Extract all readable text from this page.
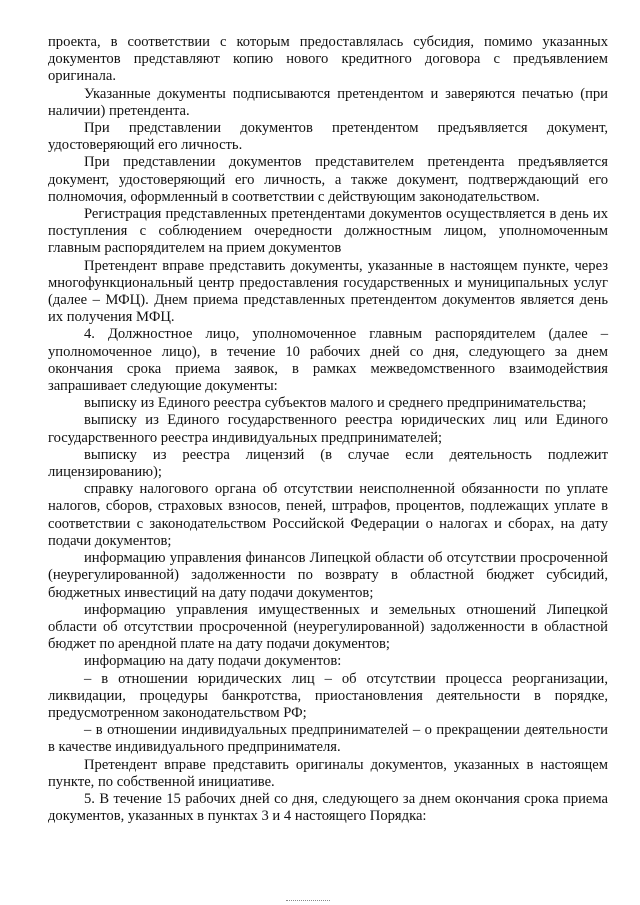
проекта, в соответствии с которым предоставлялась субсидия, помимо указанных документов представляют копию нового кредитного договора с предъявлением оригинала.

Указанные документы подписываются претендентом и заверяются печатью (при наличии) претендента.

При представлении документов претендентом предъявляется документ, удостоверяющий его личность.

При представлении документов представителем претендента предъявляется документ, удостоверяющий его личность, а также документ, подтверждающий его полномочия, оформленный в соответствии с действующим законодательством.

Регистрация представленных претендентами документов осуществляется в день их поступления с соблюдением очередности должностным лицом, уполномоченным главным распорядителем на прием документов

Претендент вправе представить документы, указанные в настоящем пункте, через многофункциональный центр предоставления государственных и муниципальных услуг (далее – МФЦ). Днем приема представленных претендентом документов является день их получения МФЦ.

4. Должностное лицо, уполномоченное главным распорядителем (далее – уполномоченное лицо), в течение 10 рабочих дней со дня, следующего за днем окончания срока приема заявок, в рамках межведомственного взаимодействия запрашивает следующие документы:

выписку из Единого реестра субъектов малого и среднего предпринимательства;

выписку из Единого государственного реестра юридических лиц или Единого государственного реестра индивидуальных предпринимателей;

выписку из реестра лицензий (в случае если деятельность подлежит лицензированию);

справку налогового органа об отсутствии неисполненной обязанности по уплате налогов, сборов, страховых взносов, пеней, штрафов, процентов, подлежащих уплате в соответствии с законодательством Российской Федерации о налогах и сборах, на дату подачи документов;

информацию управления финансов Липецкой области об отсутствии просроченной (неурегулированной) задолженности по возврату в областной бюджет субсидий, бюджетных инвестиций на дату подачи документов;

информацию управления имущественных и земельных отношений Липецкой области об отсутствии просроченной (неурегулированной) задолженности в областной бюджет по арендной плате на дату подачи документов;

информацию на дату подачи документов:

– в отношении юридических лиц – об отсутствии процесса реорганизации, ликвидации, процедуры банкротства, приостановления деятельности в порядке, предусмотренном законодательством РФ;

– в отношении индивидуальных предпринимателей – о прекращении деятельности в качестве индивидуального предпринимателя.

Претендент вправе представить оригиналы документов, указанных в настоящем пункте, по собственной инициативе.

5. В течение 15 рабочих дней со дня, следующего за днем окончания срока приема документов, указанных в пунктах 3 и 4 настоящего Порядка:
